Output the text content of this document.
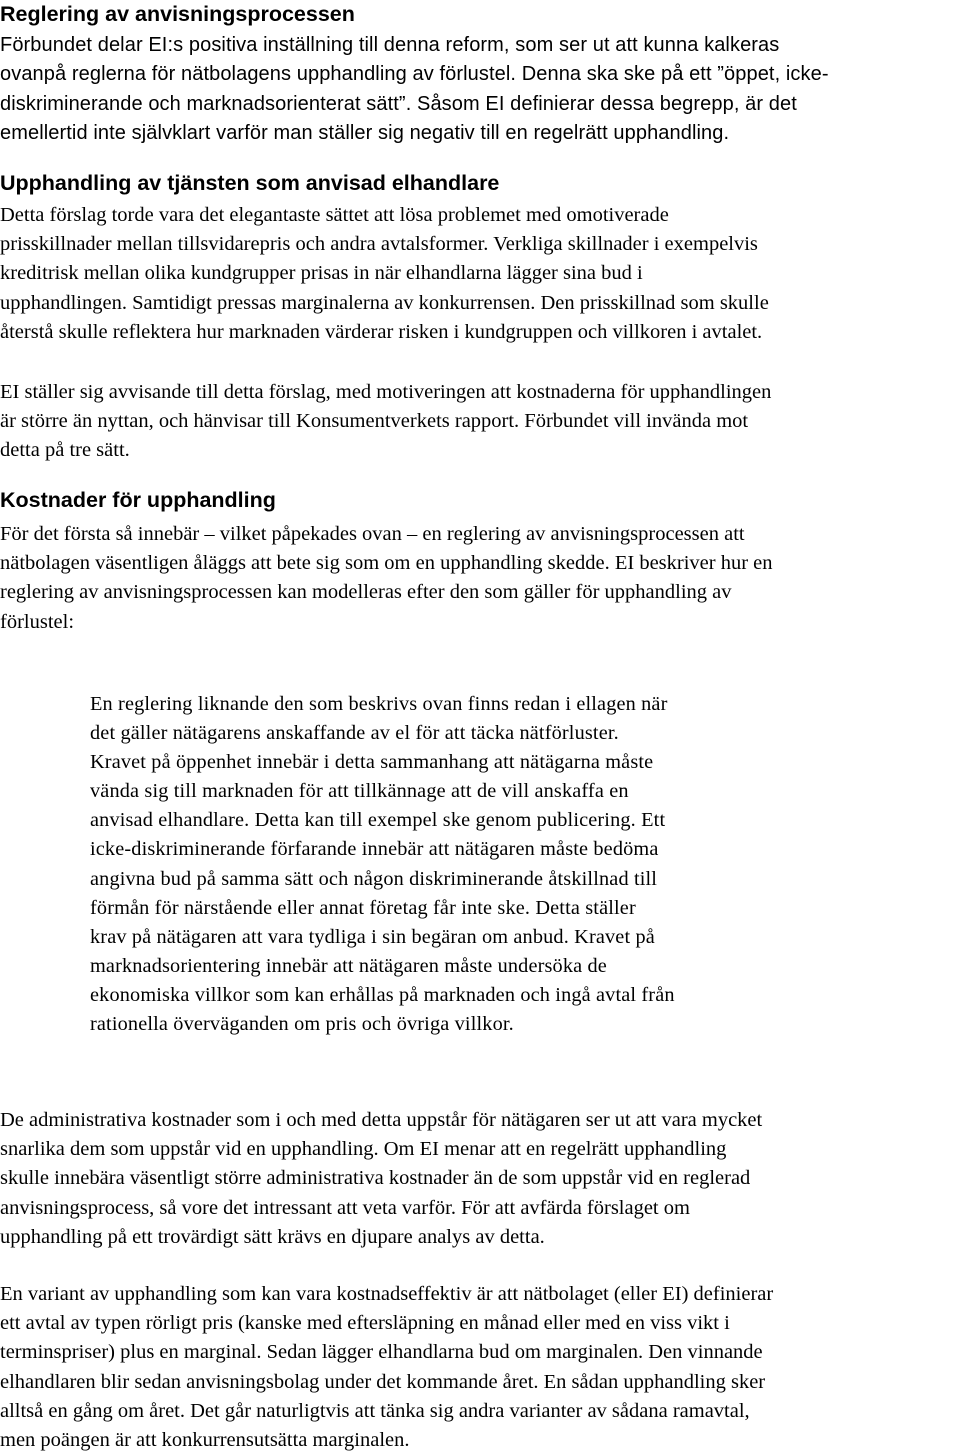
Reglering av anvisningsprocessen
Förbundet delar EI:s positiva inställning till denna reform, som ser ut att kunna kalkeras
ovanpå reglerna för nätbolagens upphandling av förlustel. Denna ska ske på ett ”öppet, icke-
diskriminerande och marknadsorienterat sätt”. Såsom EI definierar dessa begrepp, är det
emellertid inte självklart varför man ställer sig negativ till en regelrätt upphandling.
Upphandling av tjänsten som anvisad elhandlare
Detta förslag torde vara det elegantaste sättet att lösa problemet med omotiverade
prisskillnader mellan tillsvidarepris och andra avtalsformer. Verkliga skillnader i exempelvis
kreditrisk mellan olika kundgrupper prisas in när elhandlarna lägger sina bud i
upphandlingen. Samtidigt pressas marginalerna av konkurrensen. Den prisskillnad som skulle
återstå skulle reflektera hur marknaden värderar risken i kundgruppen och villkoren i avtalet.
EI ställer sig avvisande till detta förslag, med motiveringen att kostnaderna för upphandlingen
är större än nyttan, och hänvisar till Konsumentverkets rapport. Förbundet vill invända mot
detta på tre sätt.
Kostnader för upphandling
För det första så innebär – vilket påpekades ovan – en reglering av anvisningsprocessen att
nätbolagen väsentligen åläggs att bete sig som om en upphandling skedde. EI beskriver hur en
reglering av anvisningsprocessen kan modelleras efter den som gäller för upphandling av
förlustel:
En reglering liknande den som beskrivs ovan finns redan i ellagen när
det gäller nätägarens anskaffande av el för att täcka nätförluster.
Kravet på öppenhet innebär i detta sammanhang att nätägarna måste
vända sig till marknaden för att tillkännage att de vill anskaffa en
anvisad elhandlare. Detta kan till exempel ske genom publicering. Ett
icke-diskriminerande förfarande innebär att nätägaren måste bedöma
angivna bud på samma sätt och någon diskriminerande åtskillnad till
förmån för närstående eller annat företag får inte ske. Detta ställer
krav på nätägaren att vara tydliga i sin begäran om anbud. Kravet på
marknadsorientering innebär att nätägaren måste undersöka de
ekonomiska villkor som kan erhållas på marknaden och ingå avtal från
rationella överväganden om pris och övriga villkor.
De administrativa kostnader som i och med detta uppstår för nätägaren ser ut att vara mycket
snarlika dem som uppstår vid en upphandling. Om EI menar att en regelrätt upphandling
skulle innebära väsentligt större administrativa kostnader än de som uppstår vid en reglerad
anvisningsprocess, så vore det intressant att veta varför. För att avfärda förslaget om
upphandling på ett trovärdigt sätt krävs en djupare analys av detta.
En variant av upphandling som kan vara kostnadseffektiv är att nätbolaget (eller EI) definierar
ett avtal av typen rörligt pris (kanske med eftersläpning en månad eller med en viss vikt i
terminspriser) plus en marginal. Sedan lägger elhandlarna bud om marginalen. Den vinnande
elhandlaren blir sedan anvisningsbolag under det kommande året. En sådan upphandling sker
alltså en gång om året. Det går naturligtvis att tänka sig andra varianter av sådana ramavtal,
men poängen är att konkurrensutsätta marginalen.
